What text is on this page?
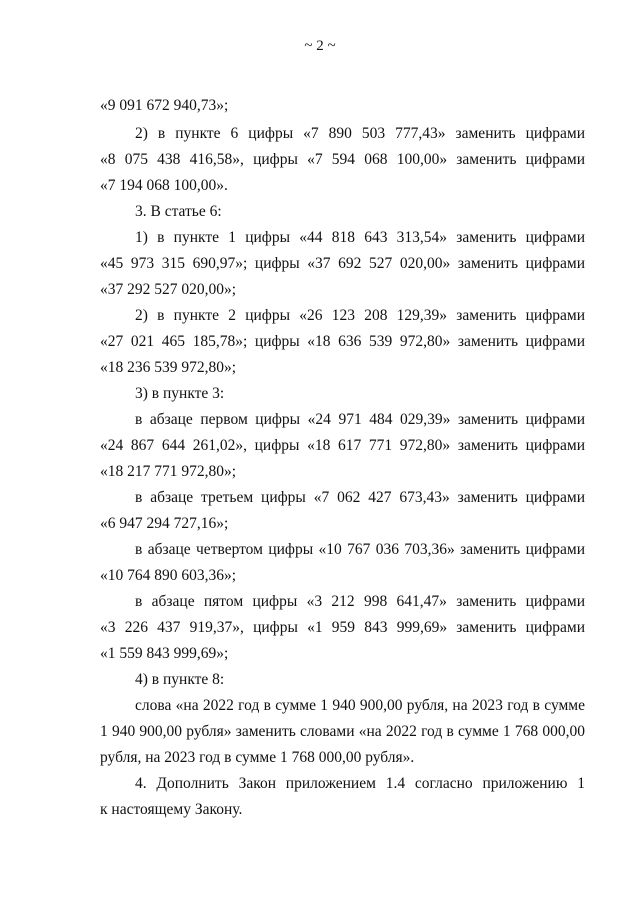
~ 2 ~
«9 091 672 940,73»;
2) в пункте 6 цифры «7 890 503 777,43» заменить цифрами
«8 075 438 416,58», цифры «7 594 068 100,00» заменить цифрами
«7 194 068 100,00».
3. В статье 6:
1) в пункте 1 цифры «44 818 643 313,54» заменить цифрами
«45 973 315 690,97»; цифры «37 692 527 020,00» заменить цифрами
«37 292 527 020,00»;
2) в пункте 2 цифры «26 123 208 129,39» заменить цифрами
«27 021 465 185,78»; цифры «18 636 539 972,80» заменить цифрами
«18 236 539 972,80»;
3) в пункте 3:
в абзаце первом цифры «24 971 484 029,39» заменить цифрами
«24 867 644 261,02», цифры «18 617 771 972,80» заменить цифрами
«18 217 771 972,80»;
в абзаце третьем цифры «7 062 427 673,43» заменить цифрами
«6 947 294 727,16»;
в абзаце четвертом цифры «10 767 036 703,36» заменить цифрами
«10 764 890 603,36»;
в абзаце пятом цифры «3 212 998 641,47» заменить цифрами
«3 226 437 919,37», цифры «1 959 843 999,69» заменить цифрами
«1 559 843 999,69»;
4) в пункте 8:
слова «на 2022 год в сумме 1 940 900,00 рубля, на 2023 год в сумме
1 940 900,00 рубля» заменить словами «на 2022 год в сумме 1 768 000,00
рубля, на 2023 год в сумме 1 768 000,00 рубля».
4. Дополнить Закон приложением 1.4 согласно приложению 1
к настоящему Закону.
